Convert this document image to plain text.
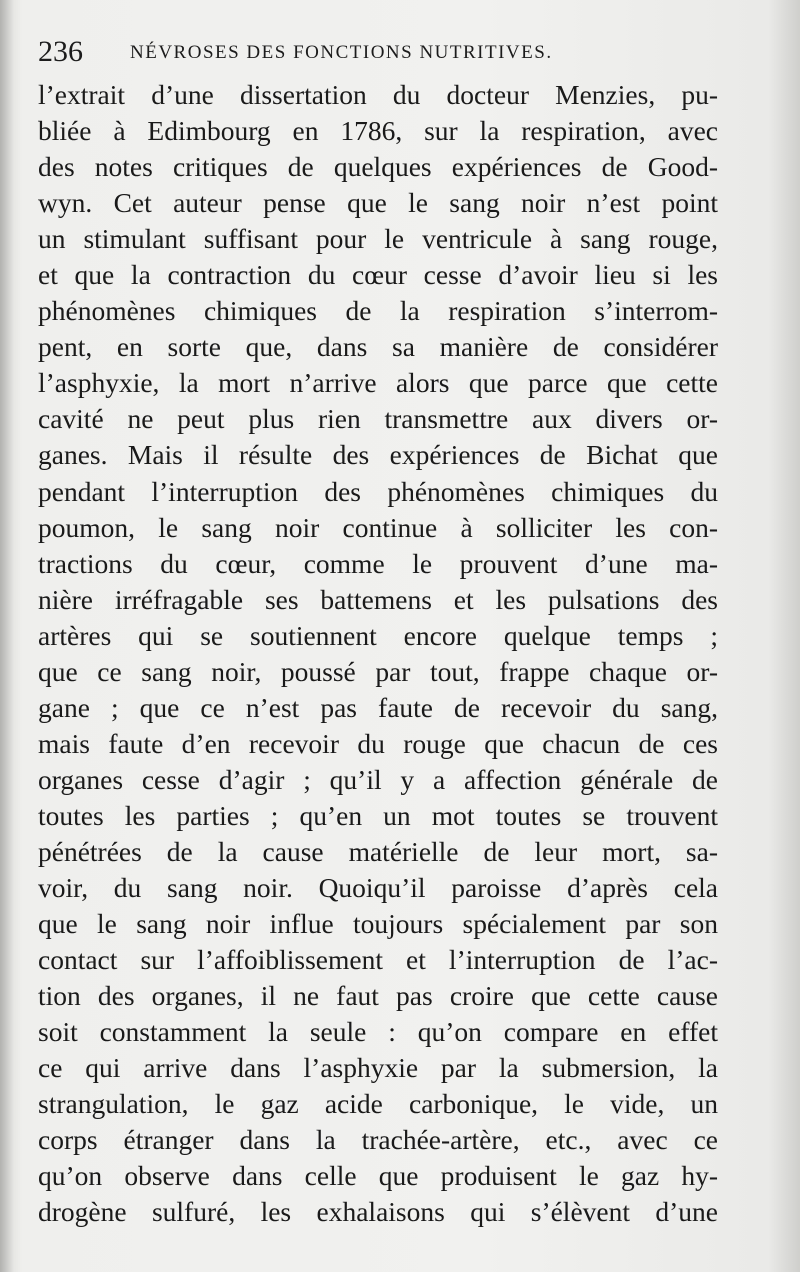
236 NÉVROSES DES FONCTIONS NUTRITIVES.
l’extrait d’une dissertation du docteur Menzies, pu-
bliée à Edimbourg en 1786, sur la respiration, avec
des notes critiques de quelques expériences de Good-
wyn. Cet auteur pense que le sang noir n’est point
un stimulant suffisant pour le ventricule à sang rouge,
et que la contraction du cœur cesse d’avoir lieu si les
phénomènes chimiques de la respiration s’interrom-
pent, en sorte que, dans sa manière de considérer
l’asphyxie, la mort n’arrive alors que parce que cette
cavité ne peut plus rien transmettre aux divers or-
ganes. Mais il résulte des expériences de Bichat que
pendant l’interruption des phénomènes chimiques du
poumon, le sang noir continue à solliciter les con-
tractions du cœur, comme le prouvent d’une ma-
nière irréfragable ses battemens et les pulsations des
artères qui se soutiennent encore quelque temps ;
que ce sang noir, poussé par tout, frappe chaque or-
gane ; que ce n’est pas faute de recevoir du sang,
mais faute d’en recevoir du rouge que chacun de ces
organes cesse d’agir ; qu’il y a affection générale de
toutes les parties ; qu’en un mot toutes se trouvent
pénétrées de la cause matérielle de leur mort, sa-
voir, du sang noir. Quoiqu’il paroisse d’après cela
que le sang noir influe toujours spécialement par son
contact sur l’affoiblissement et l’interruption de l’ac-
tion des organes, il ne faut pas croire que cette cause
soit constamment la seule : qu’on compare en effet
ce qui arrive dans l’asphyxie par la submersion, la
strangulation, le gaz acide carbonique, le vide, un
corps étranger dans la trachée-artère, etc., avec ce
qu’on observe dans celle que produisent le gaz hy-
drogène sulfuré, les exhalaisons qui s’élèvent d’une
